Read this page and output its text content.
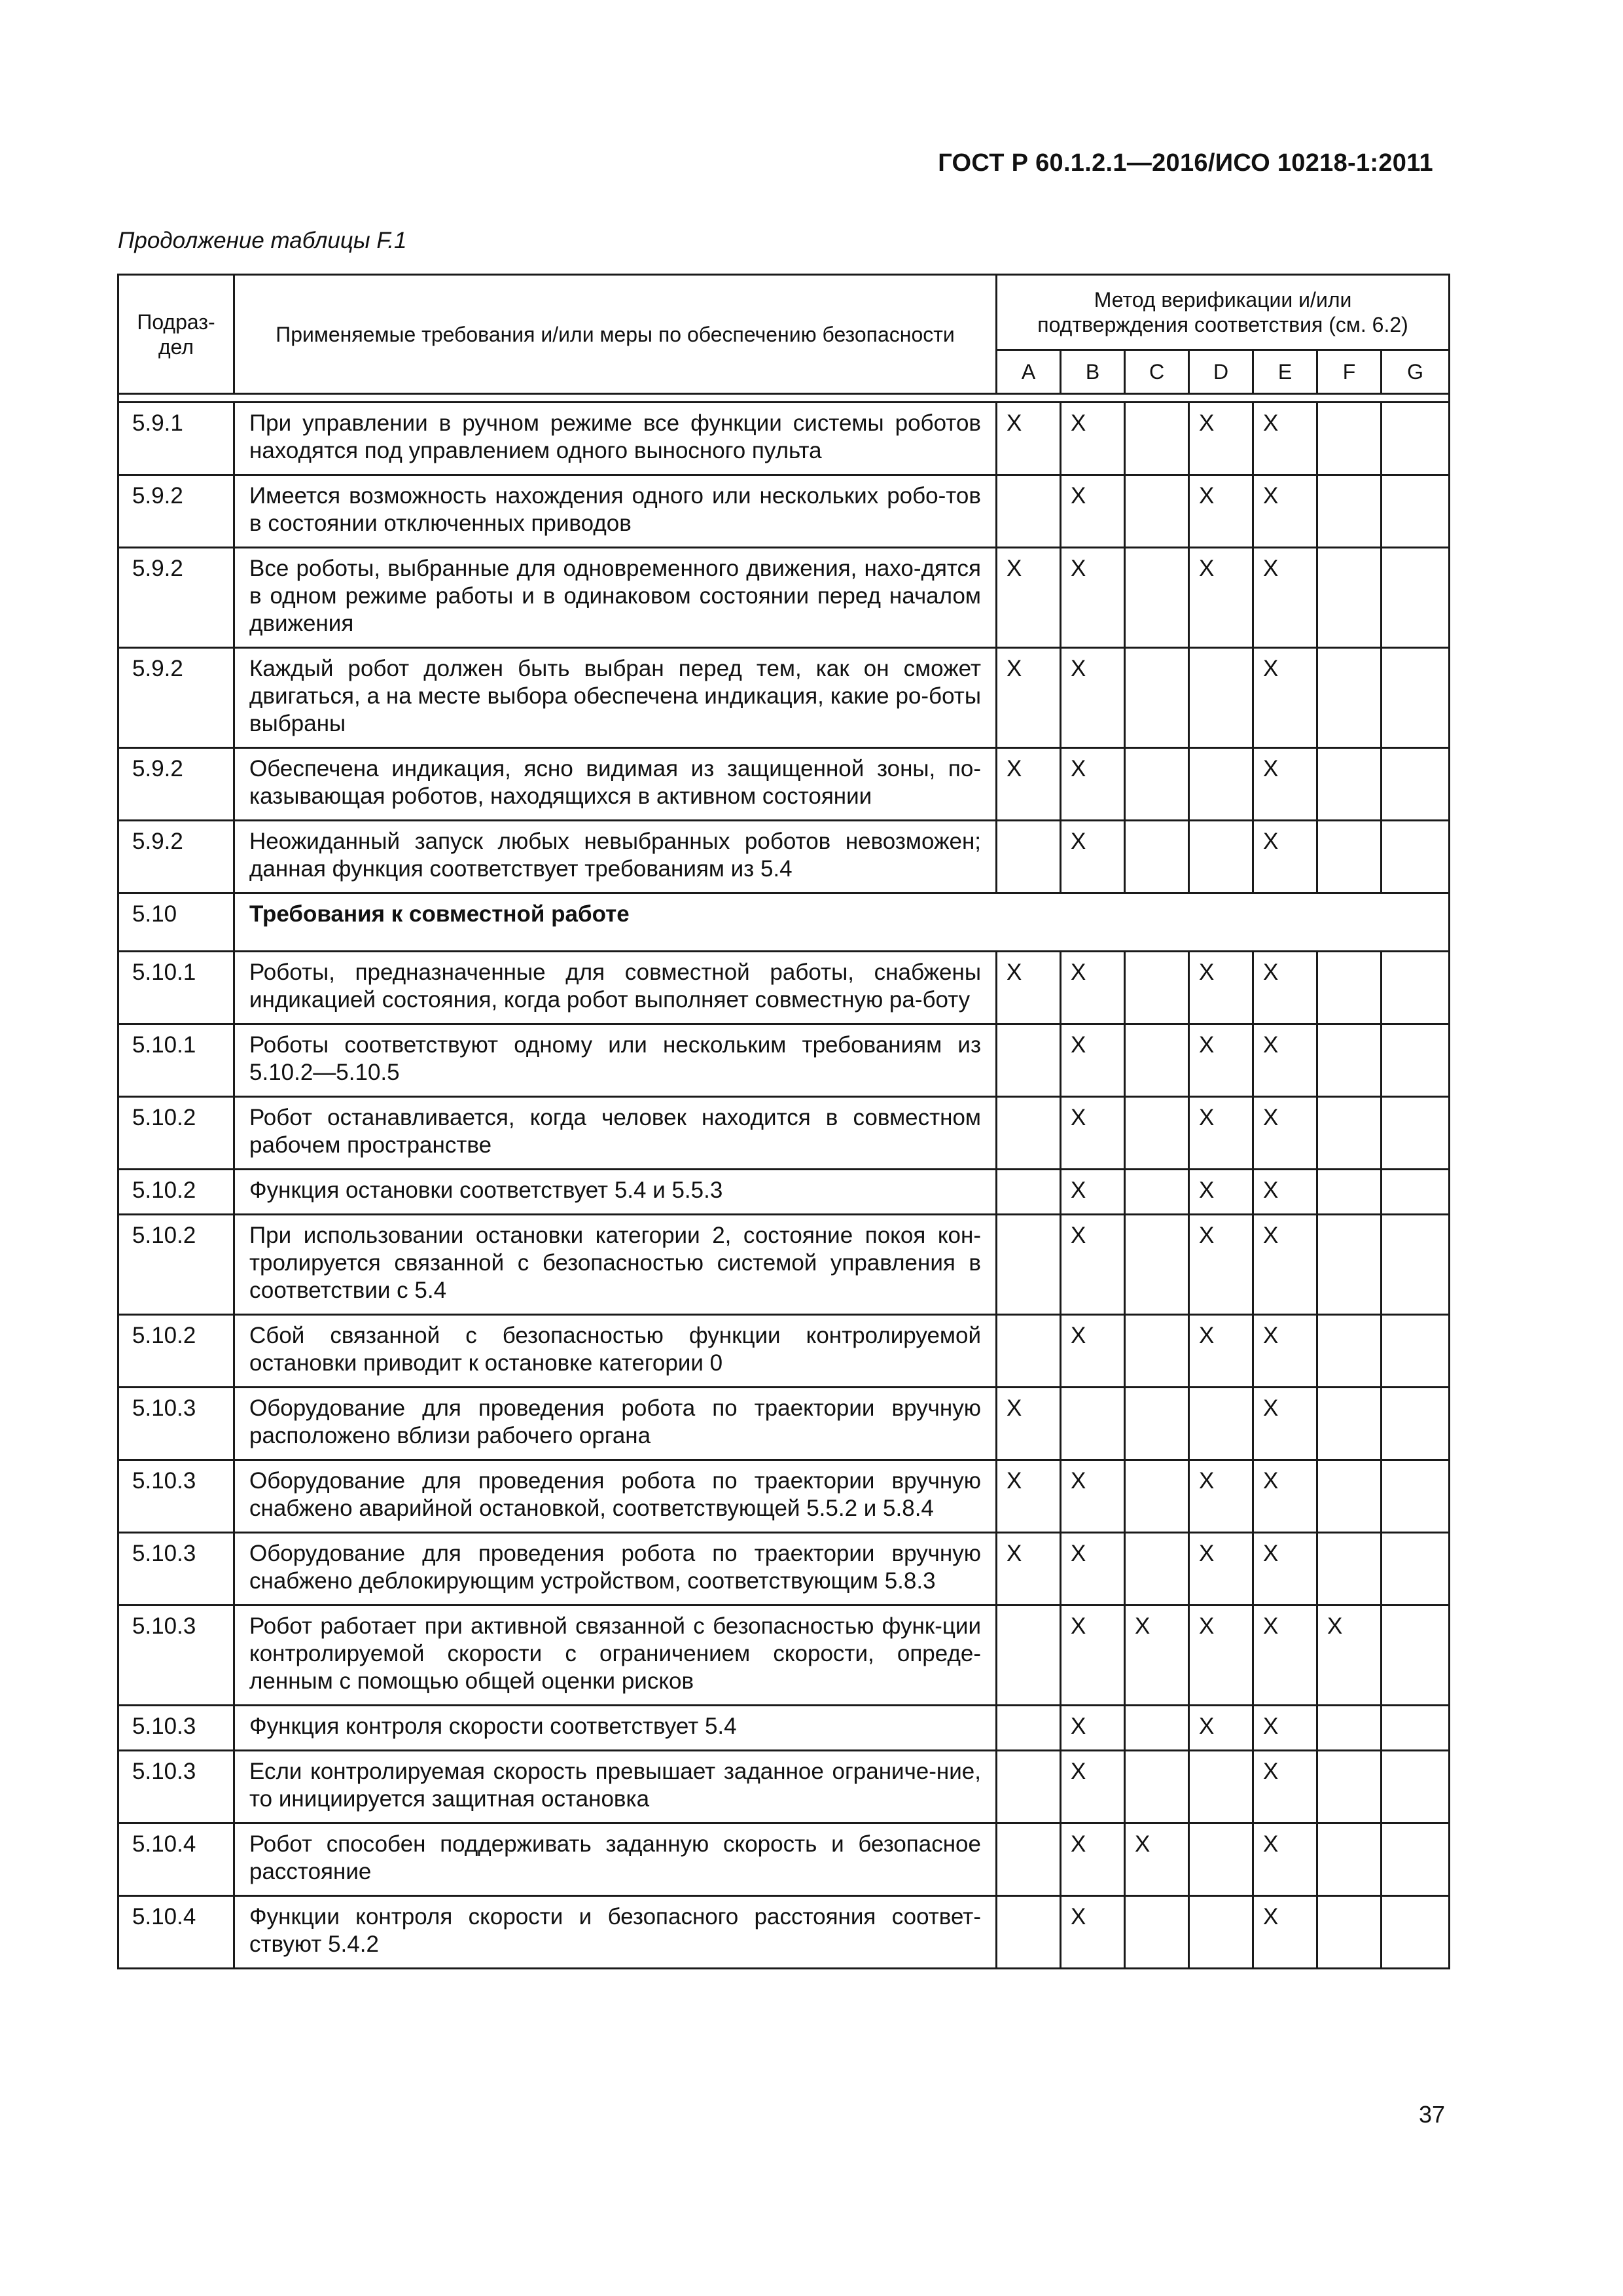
ГОСТ Р 60.1.2.1—2016/ИСО 10218-1:2011
Продолжение таблицы F.1
Подраз-
дел	Применяемые требования и/или меры по обеспечению безопасности	Метод верификации и/или
подтверждения соответствия (см. 6.2)						
		A	B	C	D	E	F	G

5.9.1	При управлении в ручном режиме все функции системы роботов находятся под управлением одного выносного пульта	X	X		X	X		
5.9.2	Имеется возможность нахождения одного или нескольких робо-тов в состоянии отключенных приводов		X		X	X		
5.9.2	Все роботы, выбранные для одновременного движения, нахо-дятся в одном режиме работы и в одинаковом состоянии перед началом движения	X	X		X	X		
5.9.2	Каждый робот должен быть выбран перед тем, как он сможет двигаться, а на месте выбора обеспечена индикация, какие ро-боты выбраны	X	X			X		
5.9.2	Обеспечена индикация, ясно видимая из защищенной зоны, по-казывающая роботов, находящихся в активном состоянии	X	X			X		
5.9.2	Неожиданный запуск любых невыбранных роботов невозможен; данная функция соответствует требованиям из 5.4		X			X		
5.10	Требования к совместной работе							
5.10.1	Роботы, предназначенные для совместной работы, снабжены индикацией состояния, когда робот выполняет совместную ра-боту	X	X		X	X		
5.10.1	Роботы соответствуют одному или нескольким требованиям из 5.10.2—5.10.5		X		X	X		
5.10.2	Робот останавливается, когда человек находится в совместном рабочем пространстве		X		X	X		
5.10.2	Функция остановки соответствует 5.4 и 5.5.3		X		X	X		
5.10.2	При использовании остановки категории 2, состояние покоя кон-тролируется связанной с безопасностью системой управления в соответствии с 5.4		X		X	X		
5.10.2	Сбой связанной с безопасностью функции контролируемой остановки приводит к остановке категории 0		X		X	X		
5.10.3	Оборудование для проведения робота по траектории вручную расположено вблизи рабочего органа	X				X		
5.10.3	Оборудование для проведения робота по траектории вручную снабжено аварийной остановкой, соответствующей 5.5.2 и 5.8.4	X	X		X	X		
5.10.3	Оборудование для проведения робота по траектории вручную снабжено деблокирующим устройством, соответствующим 5.8.3	X	X		X	X		
5.10.3	Робот работает при активной связанной с безопасностью функ-ции контролируемой скорости с ограничением скорости, опреде-ленным с помощью общей оценки рисков		X	X	X	X	X	
5.10.3	Функция контроля скорости соответствует 5.4		X		X	X		
5.10.3	Если контролируемая скорость превышает заданное ограниче-ние, то инициируется защитная остановка		X			X		
5.10.4	Робот способен поддерживать заданную скорость и безопасное расстояние		X	X		X		
5.10.4	Функции контроля скорости и безопасного расстояния соответ-ствуют 5.4.2		X			X		
37
